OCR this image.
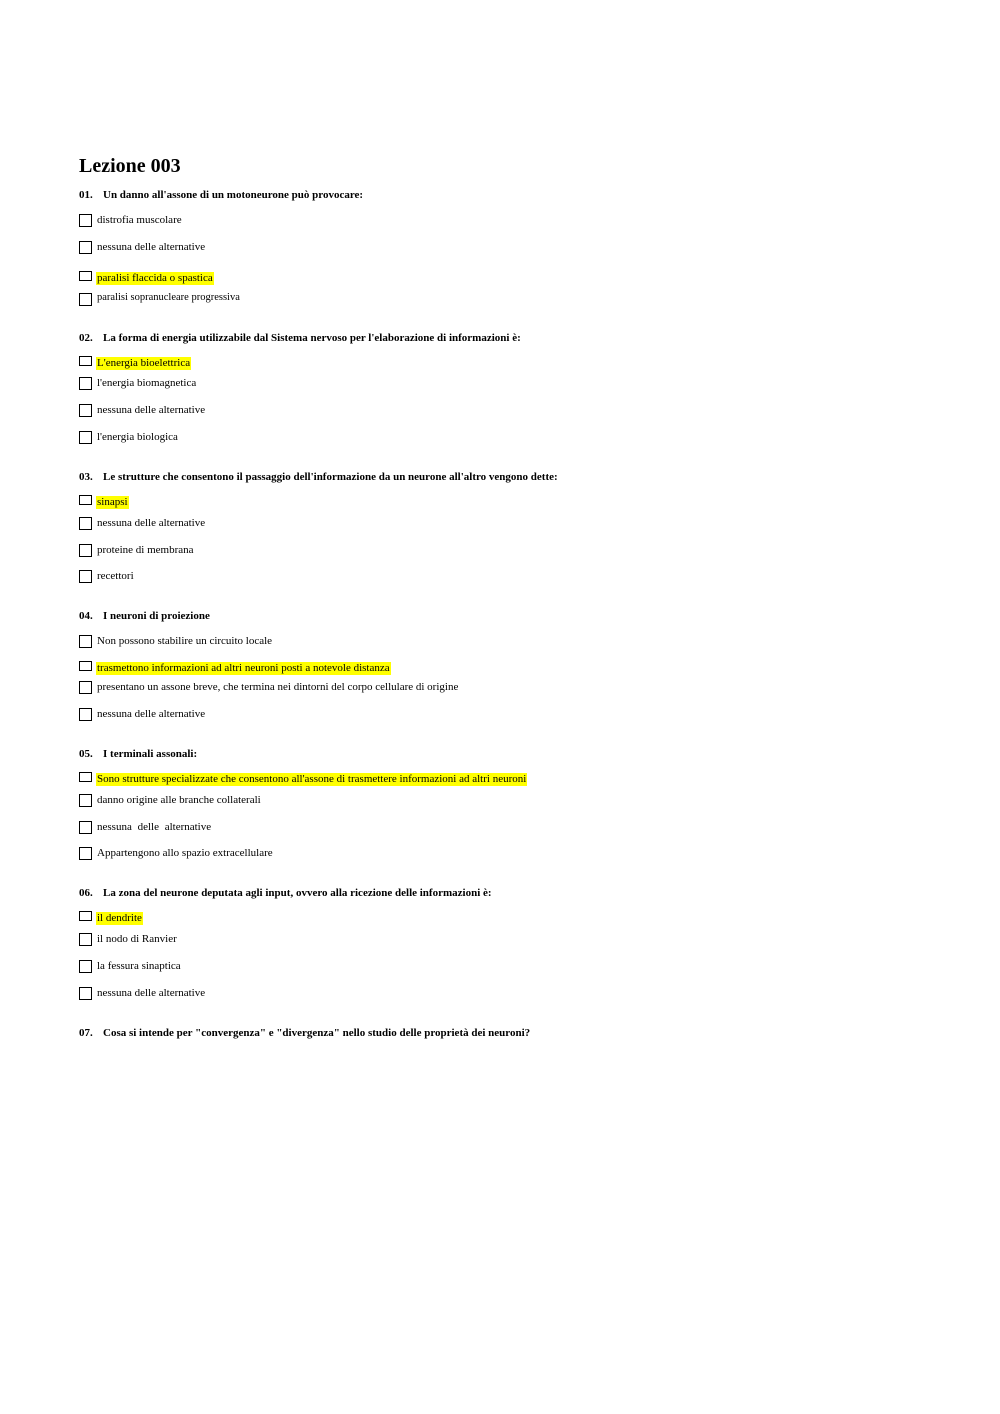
Lezione 003
01. Un danno all'assone di un motoneurone può provocare:
distrofia muscolare
nessuna delle alternative
paralisi flaccida o spastica
paralisi sopranucleare progressiva
02. La forma di energia utilizzabile dal Sistema nervoso per l'elaborazione di informazioni è:
L'energia bioelettrica
l'energia biomagnetica
nessuna delle alternative
l'energia biologica
03. Le strutture che consentono il passaggio dell'informazione da un neurone all'altro vengono dette:
sinapsi
nessuna delle alternative
proteine di membrana
recettori
04. I neuroni di proiezione
Non possono stabilire un circuito locale
trasmettono informazioni ad altri neuroni posti a notevole distanza
presentano un assone breve, che termina nei dintorni del corpo cellulare di origine
nessuna delle alternative
05. I terminali assonali:
Sono strutture specializzate che consentono all'assone di trasmettere informazioni ad altri neuroni
danno origine alle branche collaterali
nessuna delle alternative
Appartengono allo spazio extracellulare
06. La zona del neurone deputata agli input, ovvero alla ricezione delle informazioni è:
il dendrite
il nodo di Ranvier
la fessura sinaptica
nessuna delle alternative
07. Cosa si intende per "convergenza" e "divergenza" nello studio delle proprietà dei neuroni?
